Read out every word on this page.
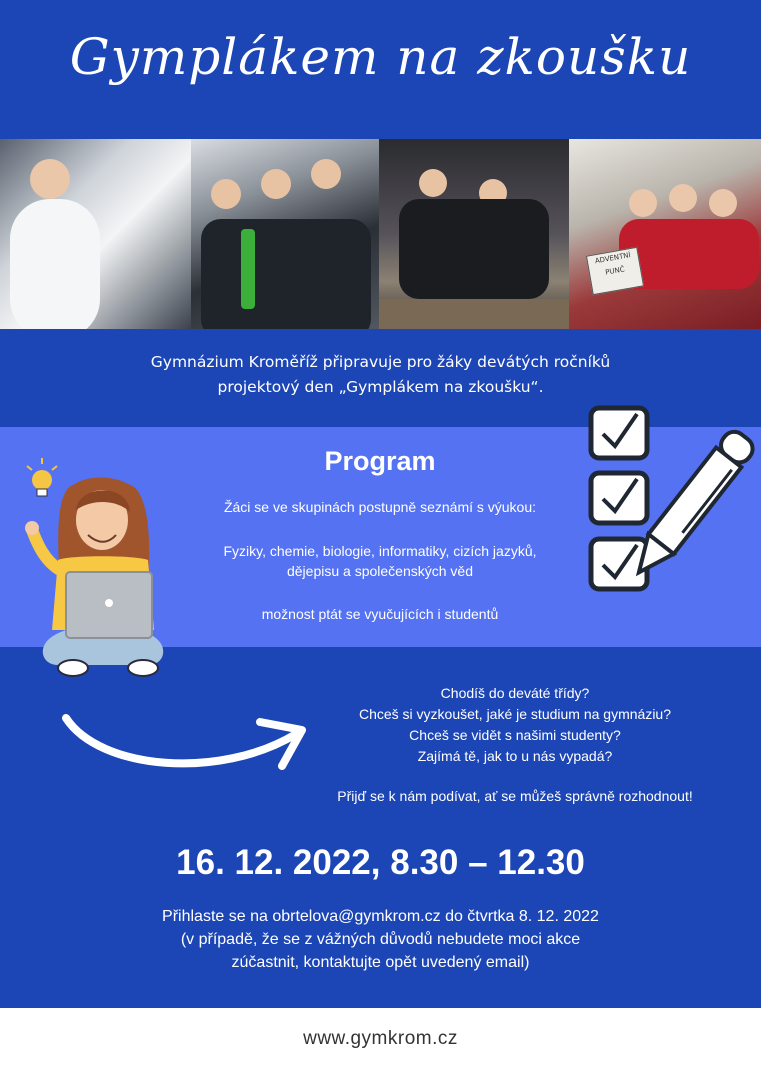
Gymplákem na zkoušku
ADVENTNÍ
PUNČ
Gymnázium Kroměříž připravuje pro žáky devátých ročníků
projektový den „Gymplákem na zkoušku“.
Program
Žáci se ve skupinách postupně seznámí s výukou:
Fyziky, chemie, biologie, informatiky, cizích jazyků,
dějepisu a společenských věd
možnost ptát se vyučujících i studentů
Chodíš do deváté třídy?
Chceš si vyzkoušet, jaké je studium na gymnáziu?
Chceš se vidět s našimi studenty?
Zajímá tě, jak to u nás vypadá?
Přijď se k nám podívat, ať se můžeš správně rozhodnout!
16. 12. 2022, 8.30 – 12.30
Přihlaste se na obrtelova@gymkrom.cz do čtvrtka 8. 12. 2022
(v případě, že se z vážných důvodů nebudete moci akce
zúčastnit, kontaktujte opět uvedený email)
www.gymkrom.cz
